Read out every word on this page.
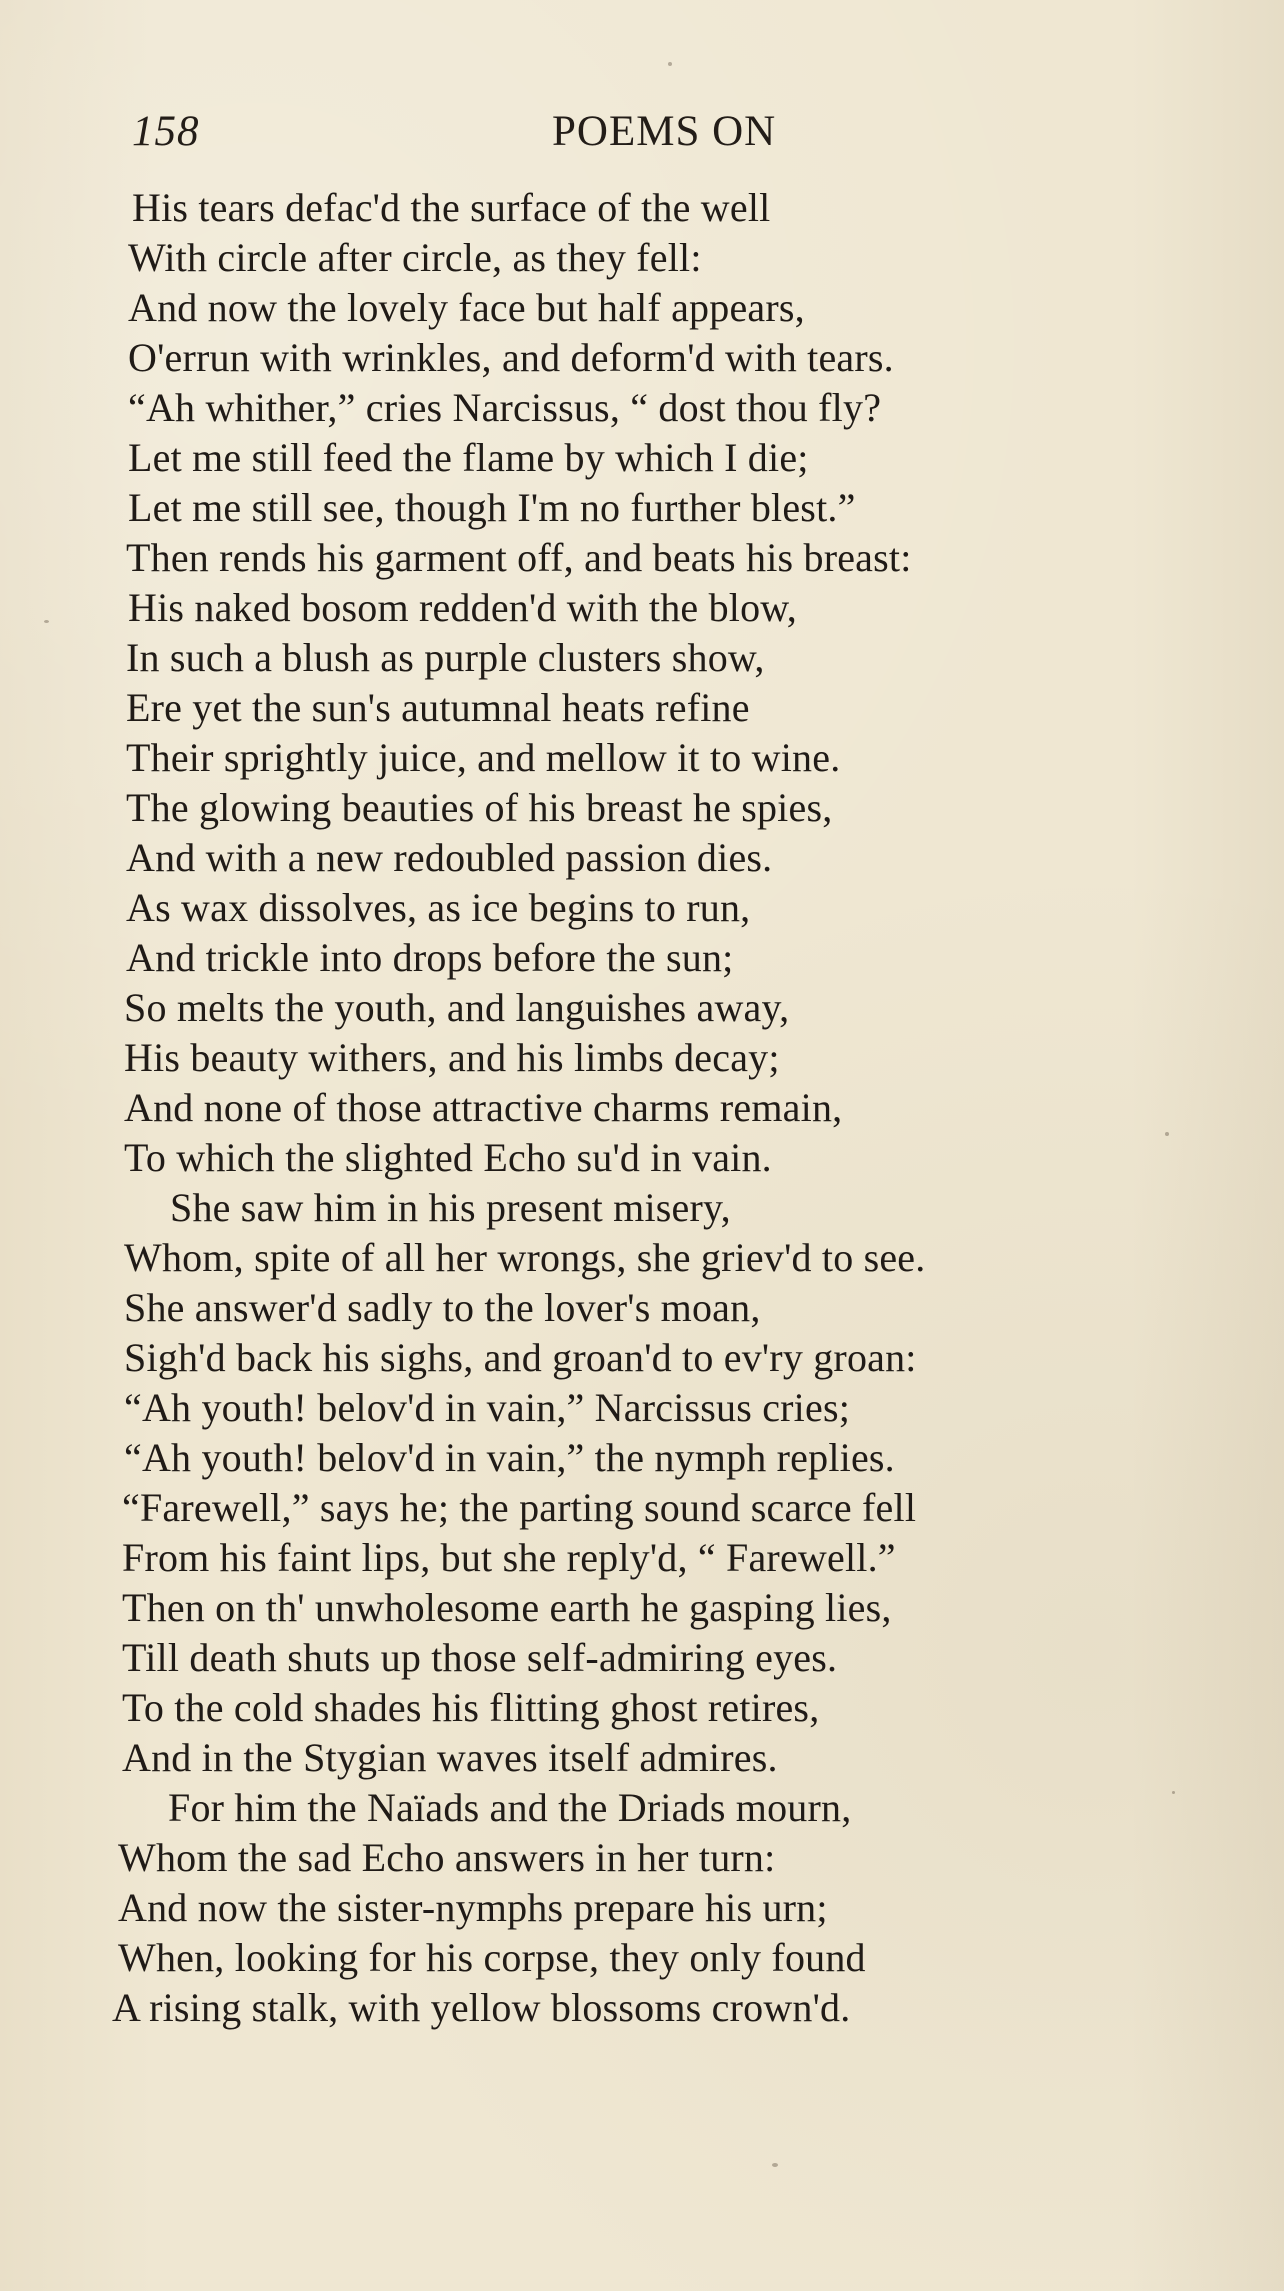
158	POEMS ON
His tears defac'd the surface of the well
With circle after circle, as they fell:
And now the lovely face but half appears,
O'errun with wrinkles, and deform'd with tears.
“Ah whither,” cries Narcissus, “ dost thou fly?
Let me still feed the flame by which I die;
Let me still see, though I'm no further blest.”
Then rends his garment off, and beats his breast:
His naked bosom redden'd with the blow,
In such a blush as purple clusters show,
Ere yet the sun's autumnal heats refine
Their sprightly juice, and mellow it to wine.
The glowing beauties of his breast he spies,
And with a new redoubled passion dies.
As wax dissolves, as ice begins to run,
And trickle into drops before the sun;
So melts the youth, and languishes away,
His beauty withers, and his limbs decay;
And none of those attractive charms remain,
To which the slighted Echo su'd in vain.
She saw him in his present misery,
Whom, spite of all her wrongs, she griev'd to see.
She answer'd sadly to the lover's moan,
Sigh'd back his sighs, and groan'd to ev'ry groan:
“Ah youth! belov'd in vain,” Narcissus cries;
“Ah youth! belov'd in vain,” the nymph replies.
“Farewell,” says he; the parting sound scarce fell
From his faint lips, but she reply'd, “ Farewell.”
Then on th' unwholesome earth he gasping lies,
Till death shuts up those self-admiring eyes.
To the cold shades his flitting ghost retires,
And in the Stygian waves itself admires.
For him the Naïads and the Driads mourn,
Whom the sad Echo answers in her turn:
And now the sister-nymphs prepare his urn;
When, looking for his corpse, they only found
A rising stalk, with yellow blossoms crown'd.
